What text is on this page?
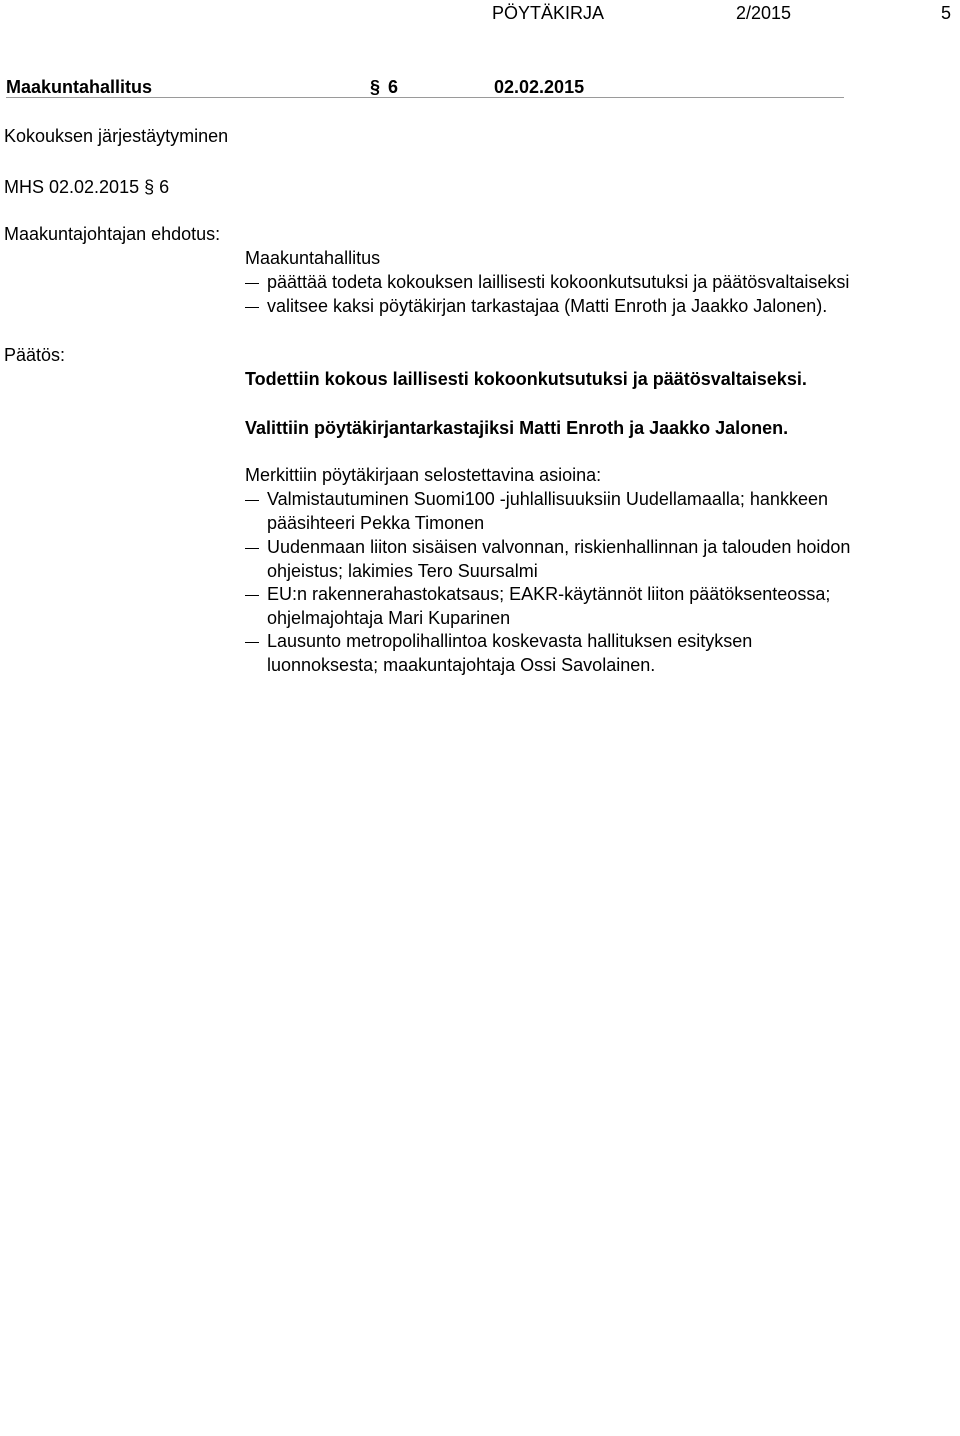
PÖYTÄKIRJA	2/2015	5
Maakuntahallitus	§ 6	02.02.2015
Kokouksen järjestäytyminen
MHS 02.02.2015 § 6
Maakuntajohtajan ehdotus:
Maakuntahallitus
päättää todeta kokouksen laillisesti kokoonkutsutuksi ja päätösvaltaiseksi
valitsee kaksi pöytäkirjan tarkastajaa (Matti Enroth ja Jaakko Jalonen).
Päätös:
Todettiin kokous laillisesti kokoonkutsutuksi ja päätösvaltaiseksi.
Valittiin pöytäkirjantarkastajiksi Matti Enroth ja Jaakko Jalonen.
Merkittiin pöytäkirjaan selostettavina asioina:
Valmistautuminen Suomi100 -juhlallisuuksiin Uudellamaalla; hankkeen
pääsihteeri Pekka Timonen
Uudenmaan liiton sisäisen valvonnan, riskienhallinnan ja talouden hoidon
ohjeistus; lakimies Tero Suursalmi
EU:n rakennerahastokatsaus; EAKR-käytännöt liiton päätöksenteossa;
ohjelmajohtaja Mari Kuparinen
Lausunto metropolihallintoa koskevasta hallituksen esityksen
luonnoksesta; maakuntajohtaja Ossi Savolainen.
